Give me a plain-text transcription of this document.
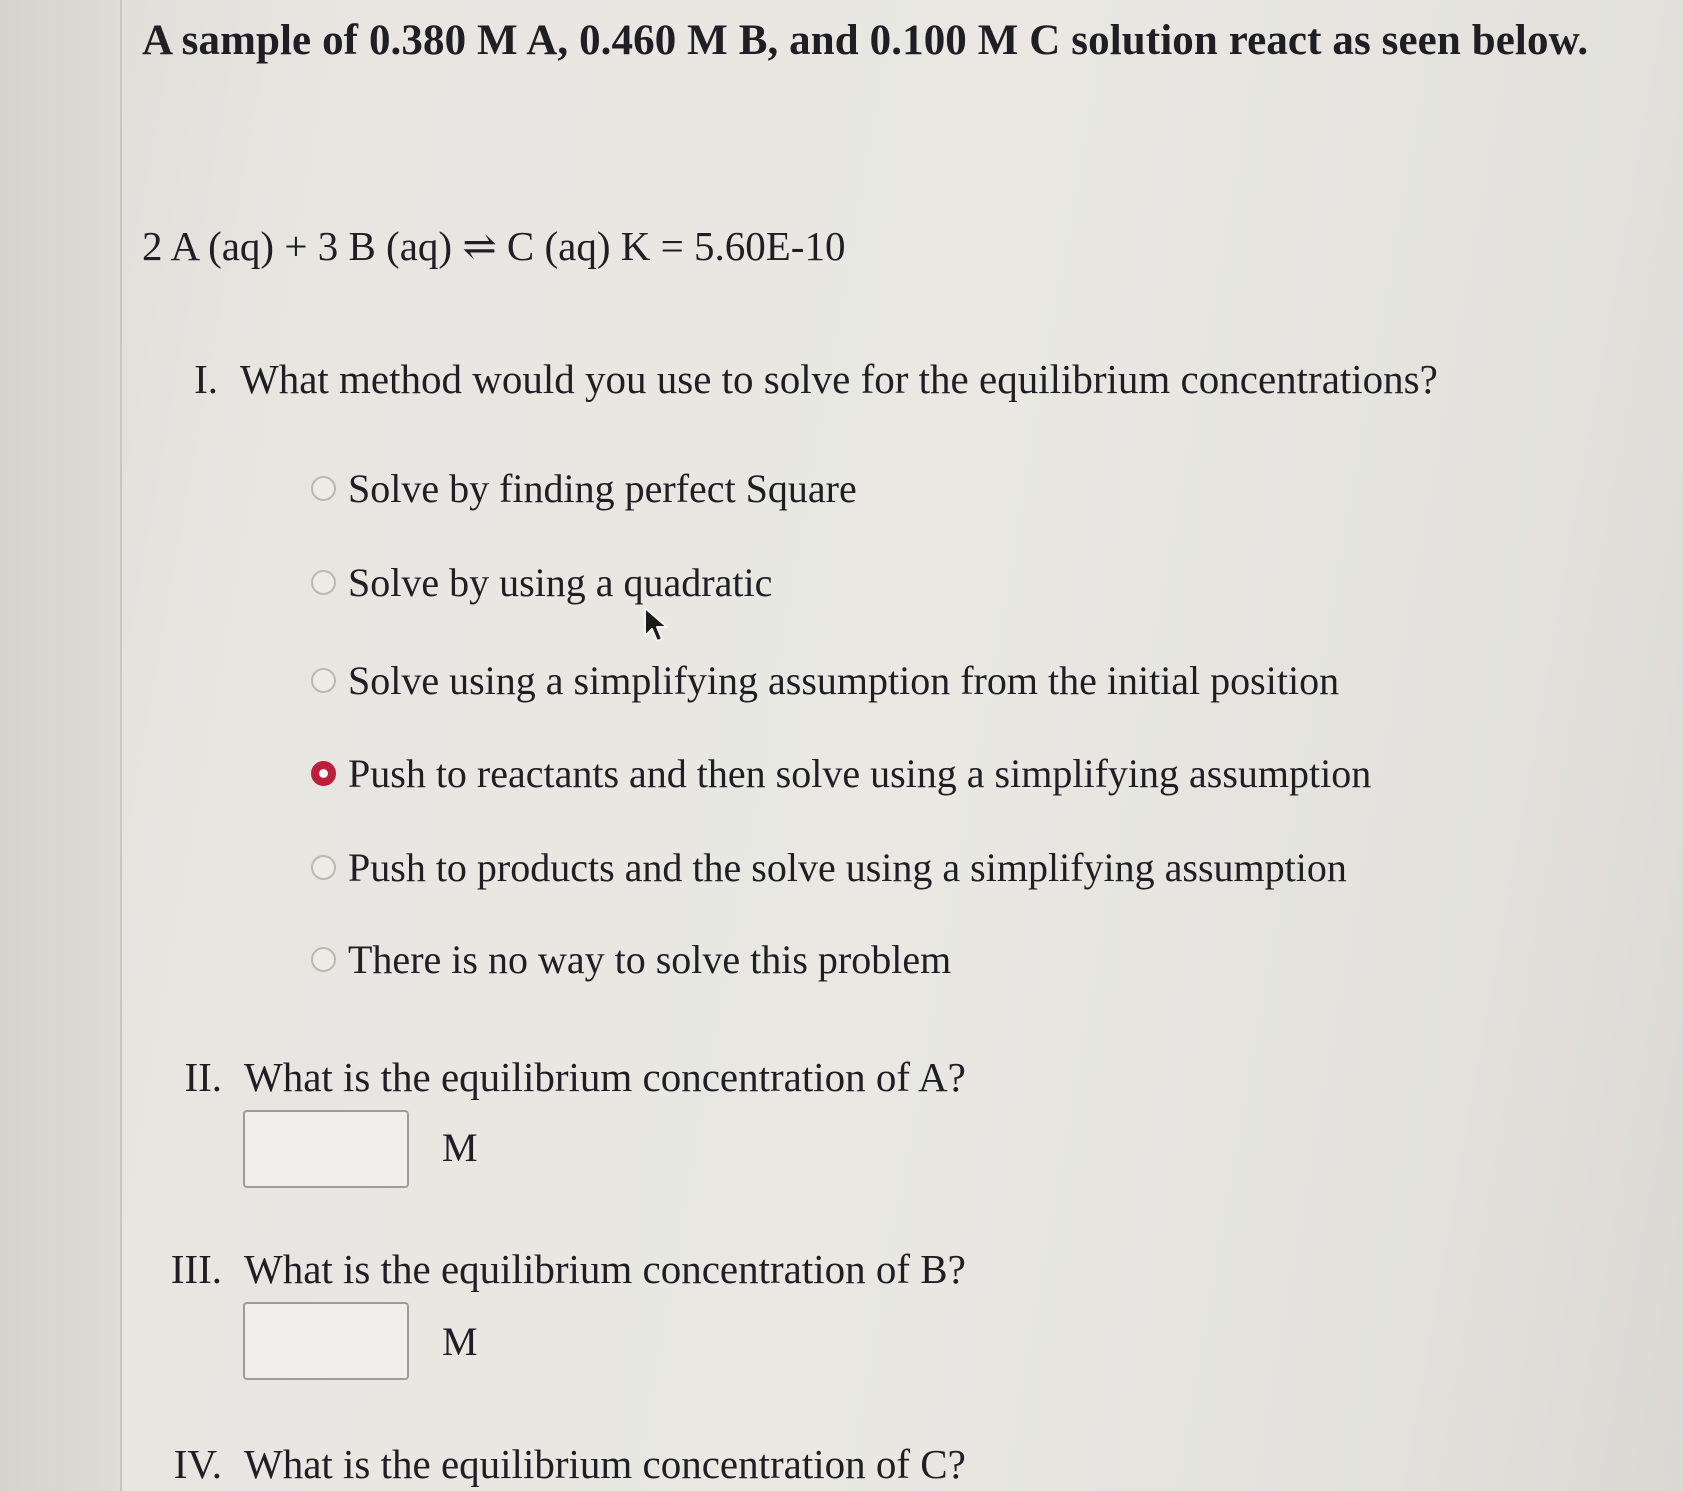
A sample of 0.380 M A, 0.460 M B, and 0.100 M C solution react as seen below.
2 A (aq) + 3 B (aq) ⇌ C (aq) K = 5.60E-10
I. What method would you use to solve for the equilibrium concentrations?
Solve by finding perfect Square
Solve by using a quadratic
Solve using a simplifying assumption from the initial position
Push to reactants and then solve using a simplifying assumption
Push to products and the solve using a simplifying assumption
There is no way to solve this problem
II. What is the equilibrium concentration of A?
M
III. What is the equilibrium concentration of B?
M
IV. What is the equilibrium concentration of C?
